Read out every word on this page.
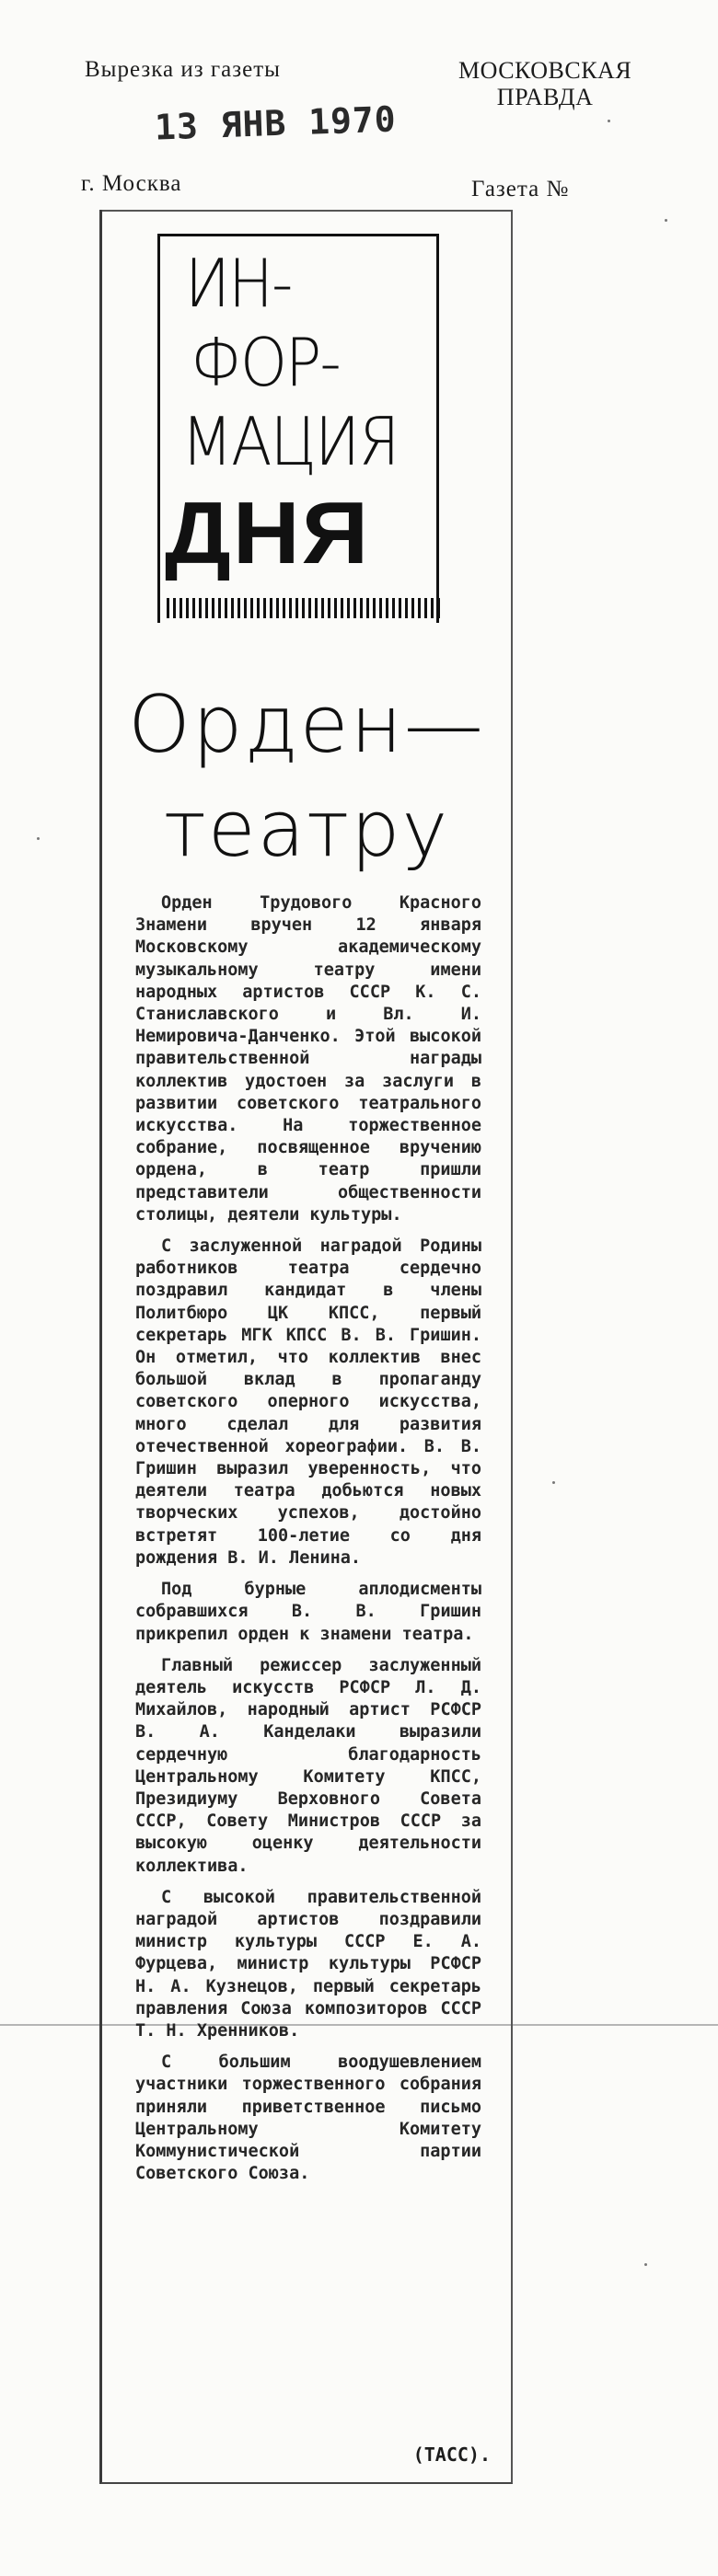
Вырезка из газеты	МОСКОВСКАЯ
ПРАВДА
13 ЯНВ 1970
г. Москва	Газета №
ИН-
ФОР-
МАЦИЯ
ДНЯ
Орден—
театру

Орден Трудового Красного Знамени вручен 12 января Московскому академическому музыкальному театру имени народных артистов СССР К. С. Станиславского и Вл. И. Немировича-Данченко. Этой высокой правительственной награды коллектив удостоен за заслуги в развитии советского театрального искусства. На торжественное собрание, посвященное вручению ордена, в театр пришли представители общественности столицы, деятели культуры.

С заслуженной наградой Родины работников театра сердечно поздравил кандидат в члены Политбюро ЦК КПСС, первый секретарь МГК КПСС В. В. Гришин. Он отметил, что коллектив внес большой вклад в пропаганду советского оперного искусства, много сделал для развития отечественной хореографии. В. В. Гришин выразил уверенность, что деятели театра добьются новых творческих успехов, достойно встретят 100-летие со дня рождения В. И. Ленина.

Под бурные аплодисменты собравшихся В. В. Гришин прикрепил орден к знамени театра.

Главный режиссер заслуженный деятель искусств РСФСР Л. Д. Михайлов, народный артист РСФСР В. А. Канделаки выразили сердечную благодарность Центральному Комитету КПСС, Президиуму Верховного Совета СССР, Совету Министров СССР за высокую оценку деятельности коллектива.

С высокой правительственной наградой артистов поздравили министр культуры СССР Е. А. Фурцева, министр культуры РСФСР Н. А. Кузнецов, первый секретарь правления Союза композиторов СССР Т. Н. Хренников.

С большим воодушевлением участники торжественного собрания приняли приветственное письмо Центральному Комитету Коммунистической партии Советского Союза.

(ТАСС).
